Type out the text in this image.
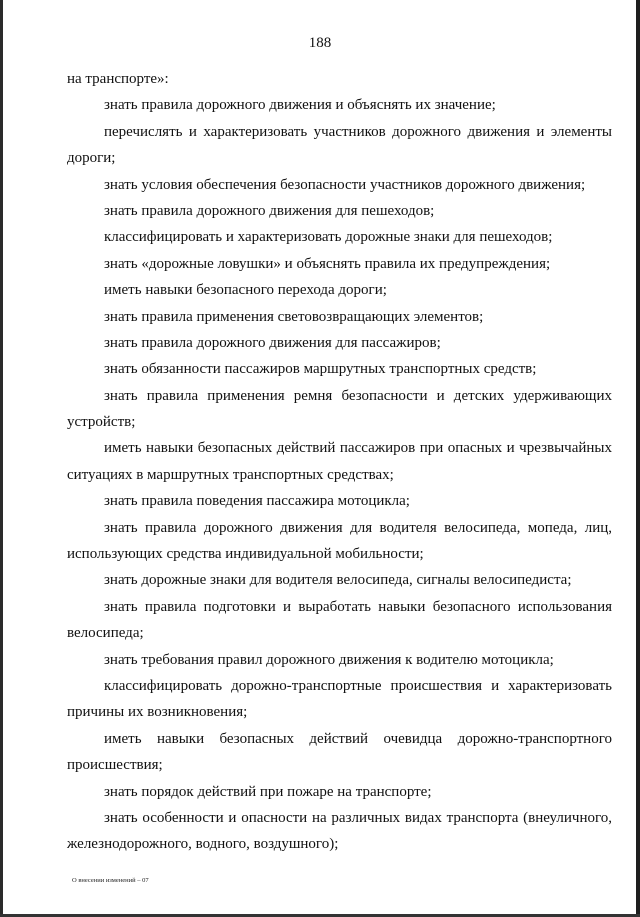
188
на транспорте»:
знать правила дорожного движения и объяснять их значение;
перечислять и характеризовать участников дорожного движения и элементы
дороги;
знать условия обеспечения безопасности участников дорожного движения;
знать правила дорожного движения для пешеходов;
классифицировать и характеризовать дорожные знаки для пешеходов;
знать «дорожные ловушки» и объяснять правила их предупреждения;
иметь навыки безопасного перехода дороги;
знать правила применения световозвращающих элементов;
знать правила дорожного движения для пассажиров;
знать обязанности пассажиров маршрутных транспортных средств;
знать правила применения ремня безопасности и детских удерживающих
устройств;
иметь навыки безопасных действий пассажиров при опасных и чрезвычайных
ситуациях в маршрутных транспортных средствах;
знать правила поведения пассажира мотоцикла;
знать правила дорожного движения для водителя велосипеда, мопеда, лиц,
использующих средства индивидуальной мобильности;
знать дорожные знаки для водителя велосипеда, сигналы велосипедиста;
знать правила подготовки и выработать навыки безопасного использования
велосипеда;
знать требования правил дорожного движения к водителю мотоцикла;
классифицировать дорожно-транспортные происшествия и характеризовать
причины их возникновения;
иметь навыки безопасных действий очевидца дорожно-транспортного
происшествия;
знать порядок действий при пожаре на транспорте;
знать особенности и опасности на различных видах транспорта (внеуличного,
железнодорожного, водного, воздушного);
О внесении изменений – 07
